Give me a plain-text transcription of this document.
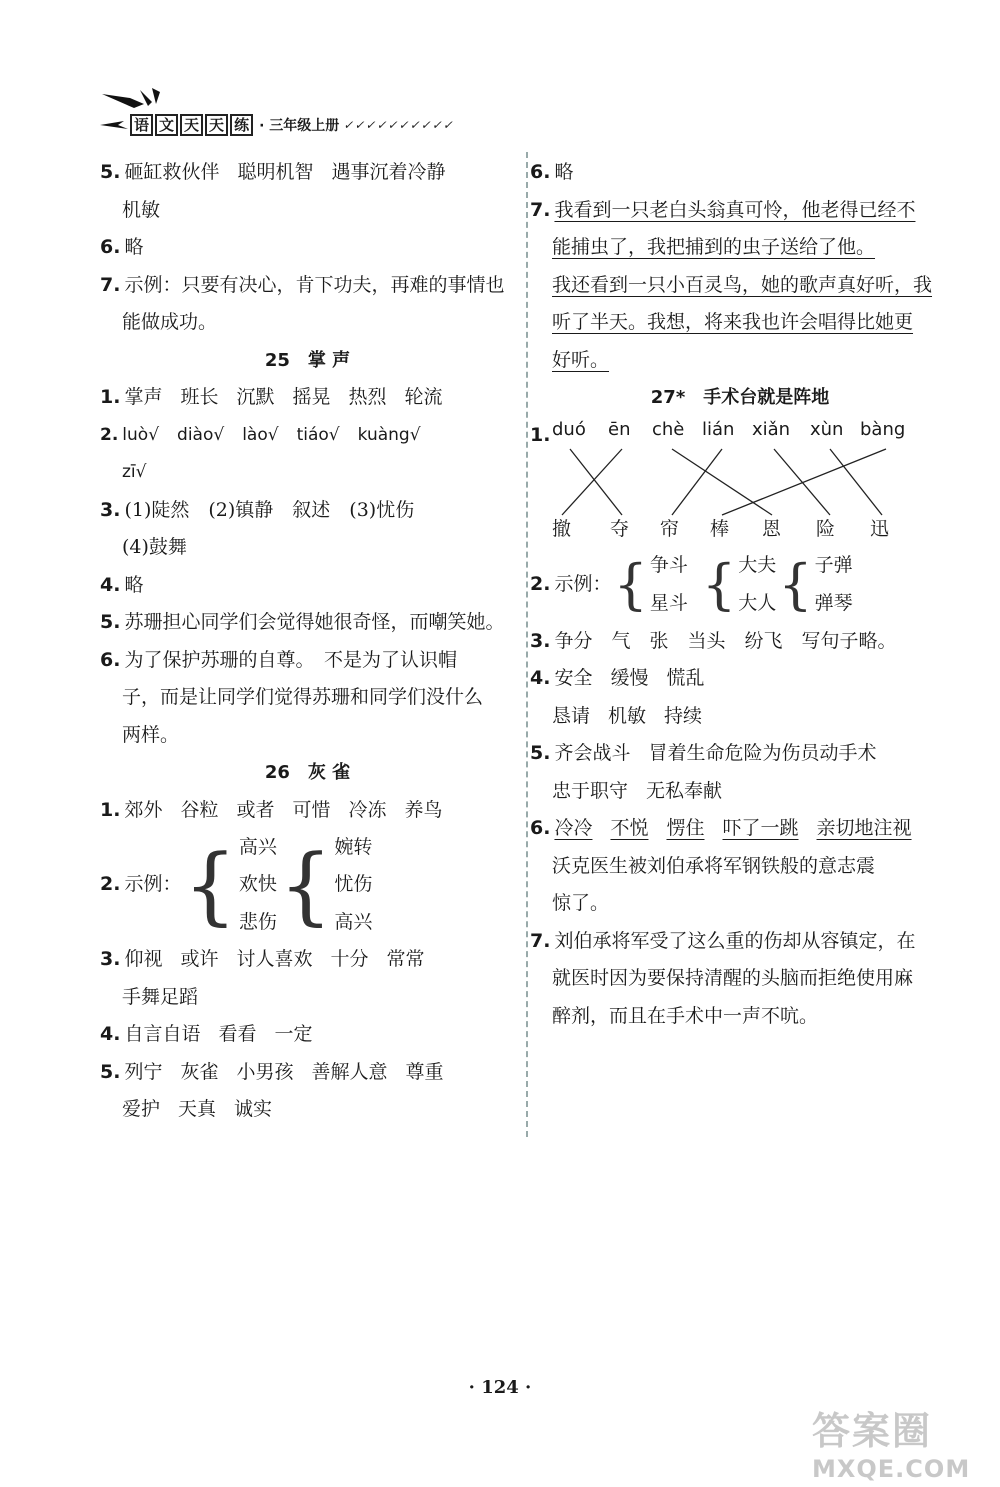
语 文 天 天 练 · 三年级上册 ✓✓✓✓✓✓✓✓✓✓
5. 砸缸救伙伴 聪明机智 遇事沉着冷静
机敏
6. 略
7. 示例：只要有决心，肯下功夫，再难的事情也
能做成功。
25　 掌 声
1. 掌声 班长 沉默 摇晃 热烈 轮流
2. luò√ diào√ lào√ tiáo√ kuàng√
zī√
3. (1)陡然　(2)镇静　叙述　(3)忧伤
(4)鼓舞
4. 略
5. 苏珊担心同学们会觉得她很奇怪，而嘲笑她。
6. 为了保护苏珊的自尊。　不是为了认识帽
子，而是让同学们觉得苏珊和同学们没什么
两样。
26　 灰 雀
1. 郊外 谷粒 或者 可惜 冷冻 养鸟
2. 示例： { 高兴
欢快
悲伤 { 婉转
忧伤
高兴
3. 仰视 或许 讨人喜欢 十分 常常
手舞足蹈
4. 自言自语 看看 一定
5. 列宁 灰雀 小男孩 善解人意 尊重
爱护 天真 诚实
6. 略
7. 我看到一只老白头翁真可怜，他老得已经不
能捕虫了，我把捕到的虫子送给了他。
我还看到一只小百灵鸟，她的歌声真好听，我
听了半天。我想，将来我也许会唱得比她更
好听。
27*　 手术台就是阵地
1. duó ēn chè lián xiǎn xùn bàng
撤 夺 帘 棒 恩 险 迅
2. 示例： { 争斗
星斗 { 大夫
大人 { 子弹
弹琴
3. 争分　气　张　当头　纷飞　写句子略。
4. 安全 缓慢 慌乱
恳请 机敏 持续
5. 齐会战斗 冒着生命危险为伤员动手术
忠于职守 无私奉献
6. 冷冷 不悦 愣住 吓了一跳 亲切地注视
沃克医生被刘伯承将军钢铁般的意志震
惊了。
7. 刘伯承将军受了这么重的伤却从容镇定，在
就医时因为要保持清醒的头脑而拒绝使用麻
醉剂，而且在手术中一声不吭。
· 124 ·
答案圈
MXQE.COM
